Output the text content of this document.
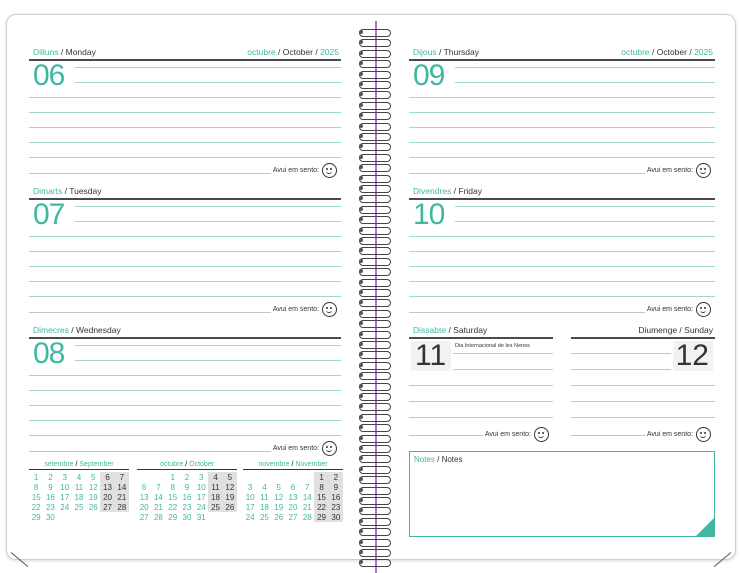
Dilluns / Monday	octubre / October / 2025
06
Avui em sento:
Dimarts / Tuesday
07
Avui em sento:
Dimecres / Wednesday
08
Avui em sento:
setembre / September
1	2	3	4	5	6	7
8	9	10	11	12	13	14
15	16	17	18	19	20	21
22	23	24	25	26	27	28
29	30					
octubre / October
		1	2	3	4	5
6	7	8	9	10	11	12
13	14	15	16	17	18	19
20	21	22	23	24	25	26
27	28	29	30	31		
novembre / November
					1	2
3	4	5	6	7	8	9
10	11	12	13	14	15	16
17	18	19	20	21	22	23
24	25	26	27	28	29	30
Dijous / Thursday	octubre / October / 2025
09
Avui em sento:
Divendres / Friday
10
Avui em sento:
Dissabte / Saturday
11 Dia Internacional de les Nenes
Avui em sento:
Diumenge / Sunday
12
Avui em sento:
Notes / Notes
